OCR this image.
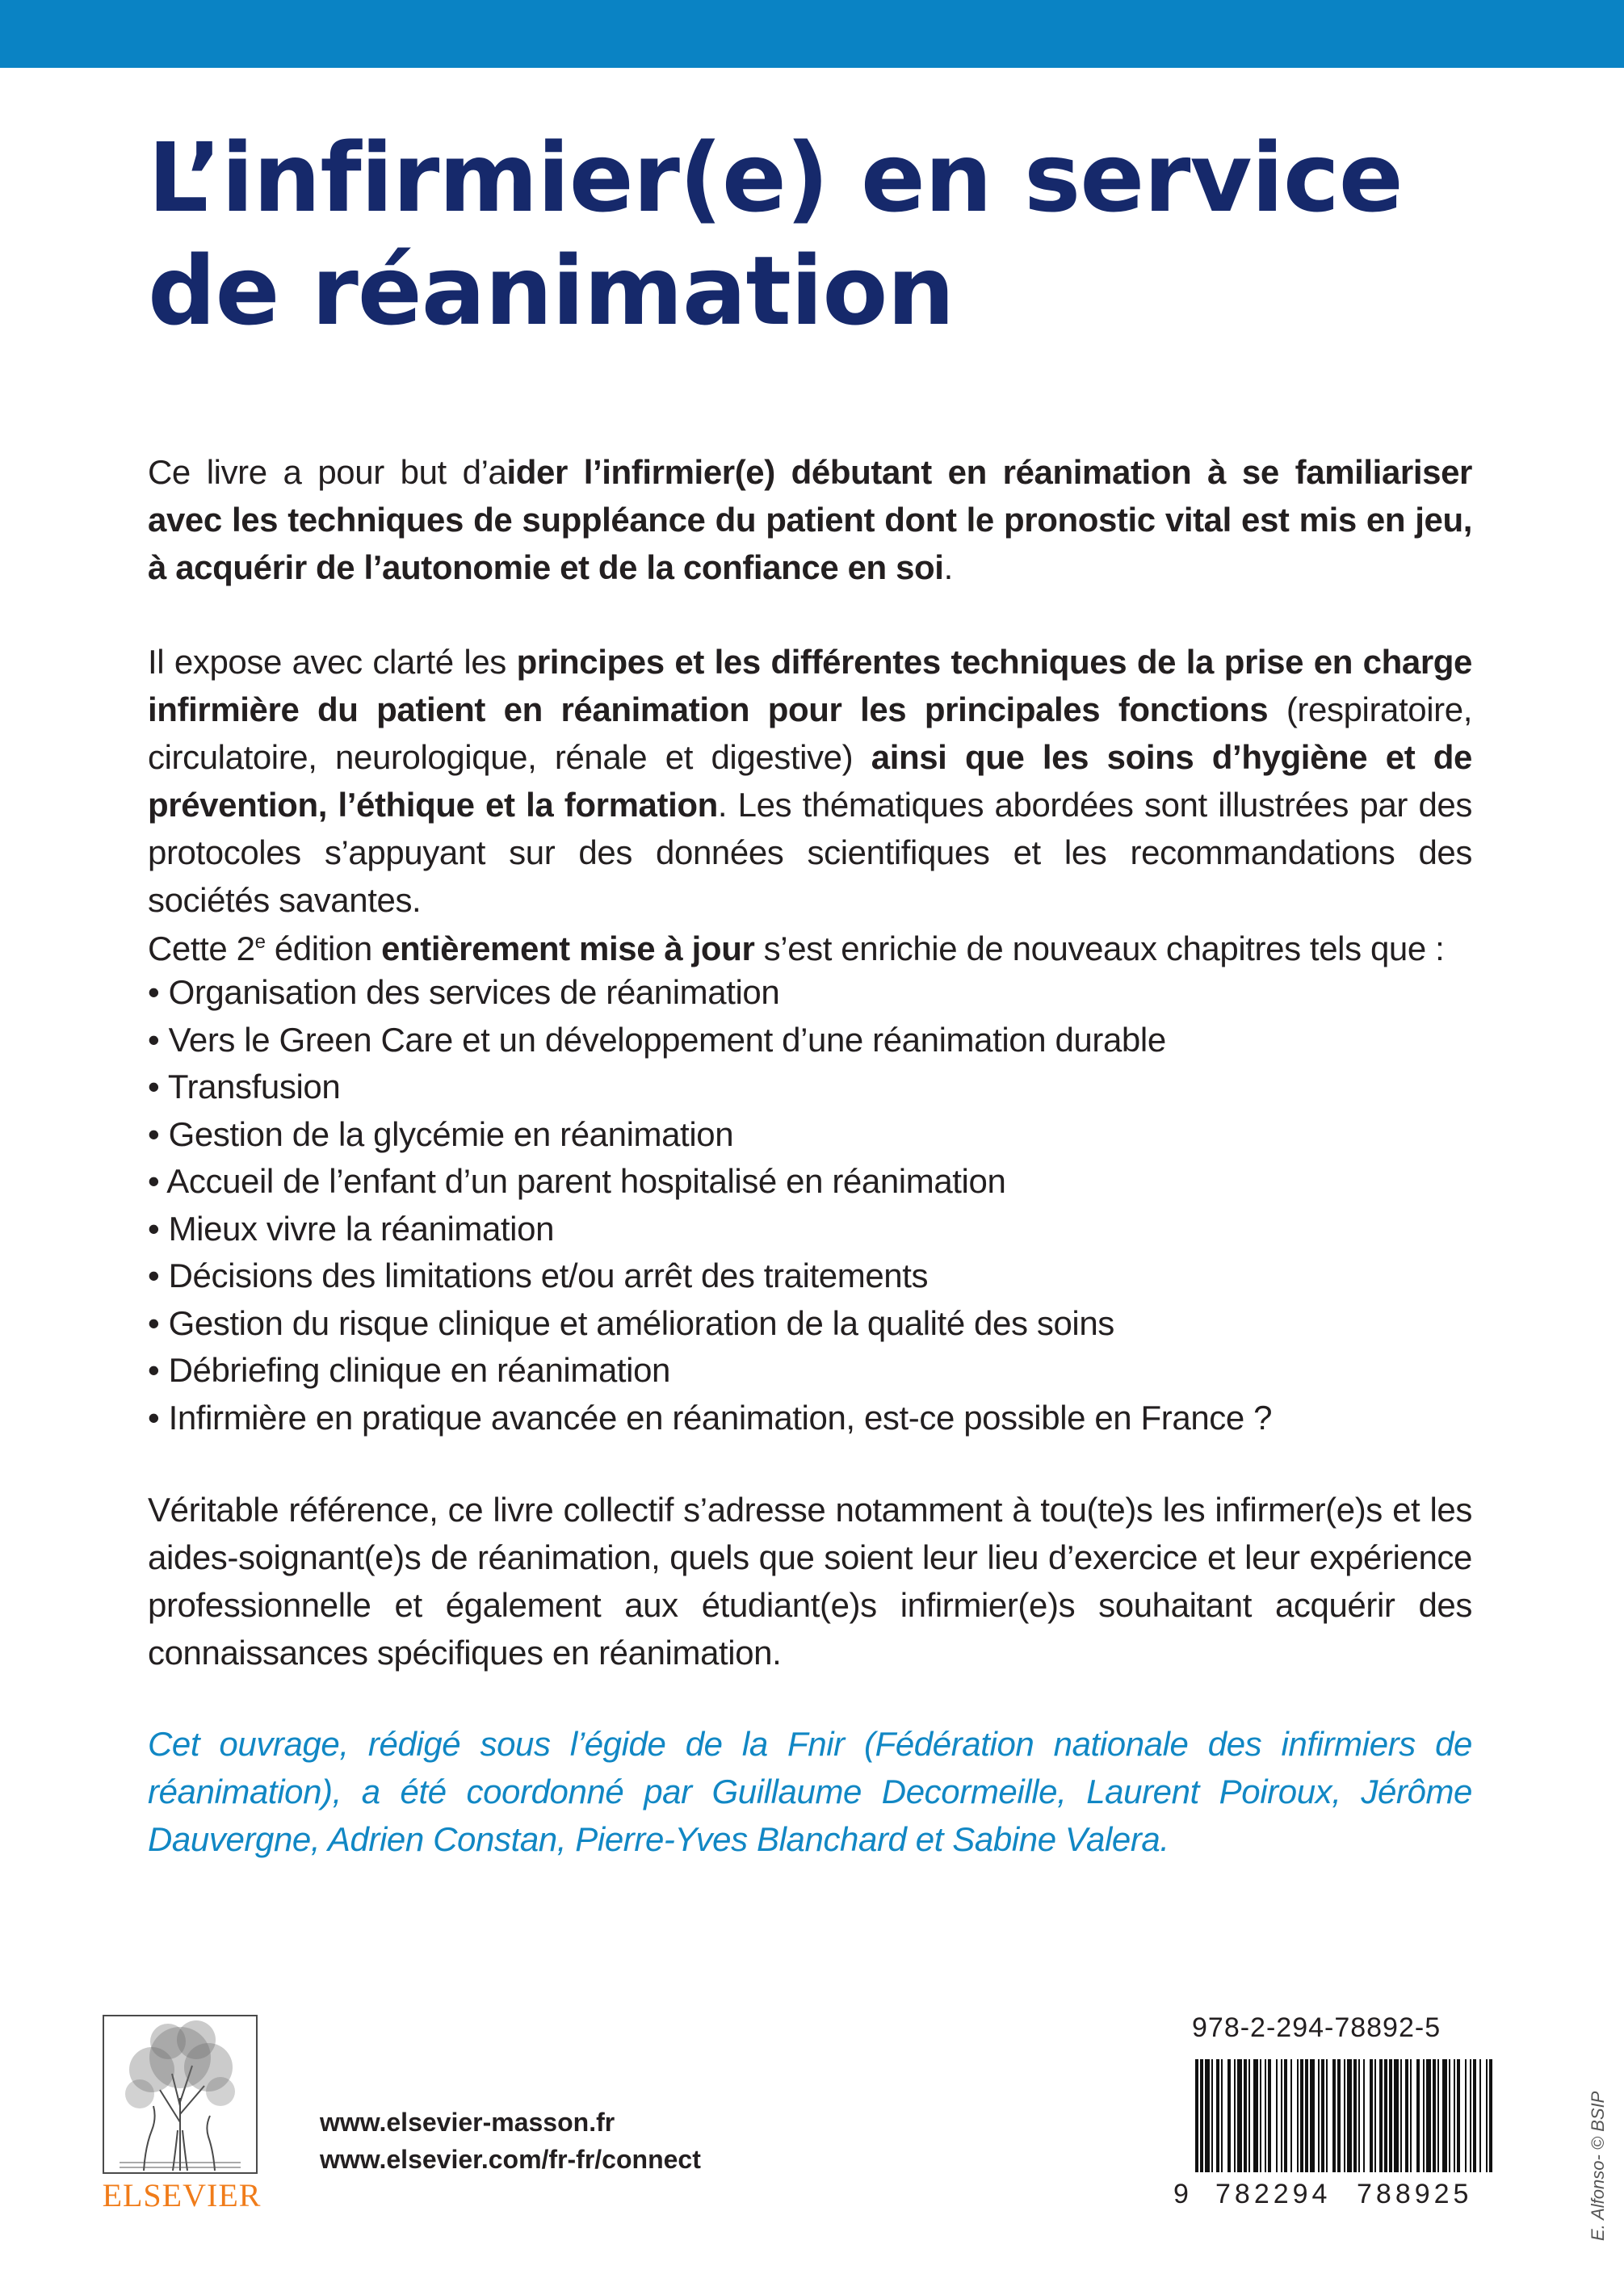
L’infirmier(e) en service de réanimation

Ce livre a pour but d’aider l’infirmier(e) débutant en réanimation à se familiariser avec les techniques de suppléance du patient dont le pronostic vital est mis en jeu, à acquérir de l’autonomie et de la confiance en soi.

Il expose avec clarté les principes et les différentes techniques de la prise en charge infirmière du patient en réanimation pour les principales fonctions (respiratoire, circulatoire, neurologique, rénale et digestive) ainsi que les soins d’hygiène et de prévention, l’éthique et la formation. Les thématiques abordées sont illustrées par des protocoles s’appuyant sur des données scientifiques et les recommandations des sociétés savantes.

Cette 2e édition entièrement mise à jour s’est enrichie de nouveaux chapitres tels que :

• Organisation des services de réanimation
• Vers le Green Care et un développement d’une réanimation durable
• Transfusion
• Gestion de la glycémie en réanimation
• Accueil de l’enfant d’un parent hospitalisé en réanimation
• Mieux vivre la réanimation
• Décisions des limitations et/ou arrêt des traitements
• Gestion du risque clinique et amélioration de la qualité des soins
• Débriefing clinique en réanimation
• Infirmière en pratique avancée en réanimation, est-ce possible en France ?

Véritable référence, ce livre collectif s’adresse notamment à tou(te)s les infirmer(e)s et les aides-soignant(e)s de réanimation, quels que soient leur lieu d’exercice et leur expérience professionnelle et également aux étudiant(e)s infirmier(e)s souhaitant acquérir des connaissances spécifiques en réanimation.

Cet ouvrage, rédigé sous l’égide de la Fnir (Fédération nationale des infirmiers de réanimation), a été coordonné par Guillaume Decormeille, Laurent Poiroux, Jérôme Dauvergne, Adrien Constan, Pierre-Yves Blanchard et Sabine Valera.

ELSEVIER
www.elsevier-masson.fr
www.elsevier.com/fr-fr/connect
978-2-294-78892-5
9 782294 788925	E. Alfonso- © BSIP
